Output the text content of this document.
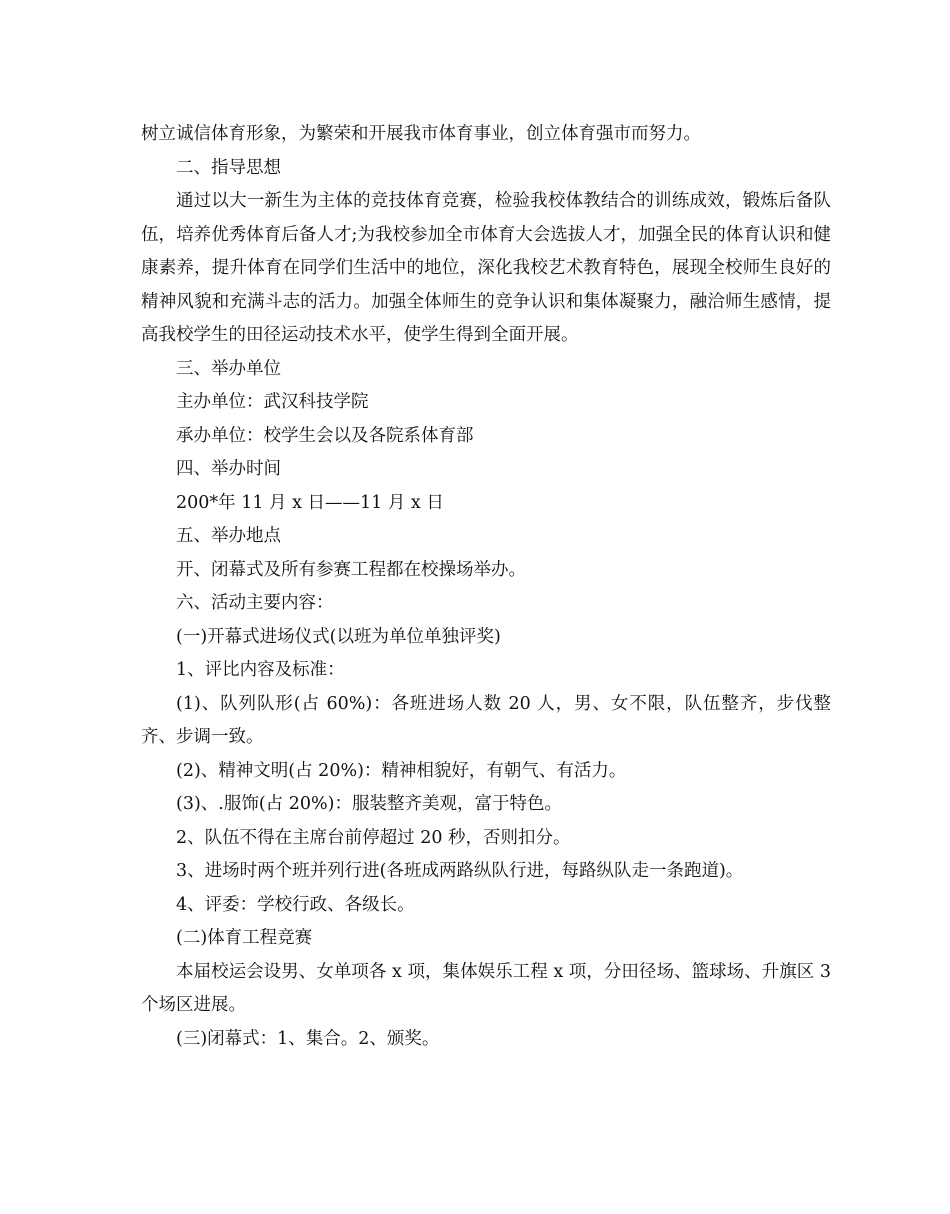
树立诚信体育形象，为繁荣和开展我市体育事业，创立体育强市而努力。

二、指导思想

通过以大一新生为主体的竞技体育竞赛，检验我校体教结合的训练成效，锻炼后备队伍，培养优秀体育后备人才;为我校参加全市体育大会选拔人才，加强全民的体育认识和健康素养，提升体育在同学们生活中的地位，深化我校艺术教育特色，展现全校师生良好的精神风貌和充满斗志的活力。加强全体师生的竞争认识和集体凝聚力，融洽师生感情，提高我校学生的田径运动技术水平，使学生得到全面开展。

三、举办单位

主办单位：武汉科技学院

承办单位：校学生会以及各院系体育部

四、举办时间

200*年 11 月 x 日——11 月 x 日

五、举办地点

开、闭幕式及所有参赛工程都在校操场举办。

六、活动主要内容：

(一)开幕式进场仪式(以班为单位单独评奖)

1、评比内容及标准：

(1)、队列队形(占 60%)：各班进场人数 20 人，男、女不限，队伍整齐，步伐整齐、步调一致。

(2)、精神文明(占 20%)：精神相貌好，有朝气、有活力。

(3)、.服饰(占 20%)：服装整齐美观，富于特色。

2、队伍不得在主席台前停超过 20 秒，否则扣分。

3、进场时两个班并列行进(各班成两路纵队行进，每路纵队走一条跑道)。

4、评委：学校行政、各级长。

(二)体育工程竞赛

本届校运会设男、女单项各 x 项，集体娱乐工程 x 项，分田径场、篮球场、升旗区 3 个场区进展。

(三)闭幕式：1、集合。2、颁奖。
